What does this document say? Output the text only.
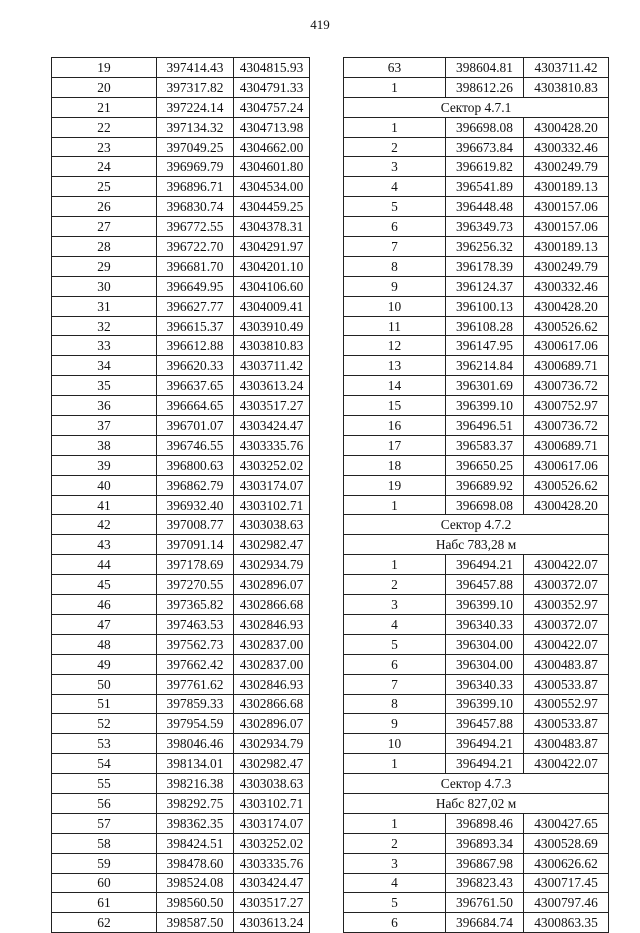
419
19	397414.43	4304815.93
20	397317.82	4304791.33
21	397224.14	4304757.24
22	397134.32	4304713.98
23	397049.25	4304662.00
24	396969.79	4304601.80
25	396896.71	4304534.00
26	396830.74	4304459.25
27	396772.55	4304378.31
28	396722.70	4304291.97
29	396681.70	4304201.10
30	396649.95	4304106.60
31	396627.77	4304009.41
32	396615.37	4303910.49
33	396612.88	4303810.83
34	396620.33	4303711.42
35	396637.65	4303613.24
36	396664.65	4303517.27
37	396701.07	4303424.47
38	396746.55	4303335.76
39	396800.63	4303252.02
40	396862.79	4303174.07
41	396932.40	4303102.71
42	397008.77	4303038.63
43	397091.14	4302982.47
44	397178.69	4302934.79
45	397270.55	4302896.07
46	397365.82	4302866.68
47	397463.53	4302846.93
48	397562.73	4302837.00
49	397662.42	4302837.00
50	397761.62	4302846.93
51	397859.33	4302866.68
52	397954.59	4302896.07
53	398046.46	4302934.79
54	398134.01	4302982.47
55	398216.38	4303038.63
56	398292.75	4303102.71
57	398362.35	4303174.07
58	398424.51	4303252.02
59	398478.60	4303335.76
60	398524.08	4303424.47
61	398560.50	4303517.27
62	398587.50	4303613.24
63	398604.81	4303711.42
1	398612.26	4303810.83
Сектор 4.7.1		
1	396698.08	4300428.20
2	396673.84	4300332.46
3	396619.82	4300249.79
4	396541.89	4300189.13
5	396448.48	4300157.06
6	396349.73	4300157.06
7	396256.32	4300189.13
8	396178.39	4300249.79
9	396124.37	4300332.46
10	396100.13	4300428.20
11	396108.28	4300526.62
12	396147.95	4300617.06
13	396214.84	4300689.71
14	396301.69	4300736.72
15	396399.10	4300752.97
16	396496.51	4300736.72
17	396583.37	4300689.71
18	396650.25	4300617.06
19	396689.92	4300526.62
1	396698.08	4300428.20
Сектор 4.7.2		
Набс 783,28 м		
1	396494.21	4300422.07
2	396457.88	4300372.07
3	396399.10	4300352.97
4	396340.33	4300372.07
5	396304.00	4300422.07
6	396304.00	4300483.87
7	396340.33	4300533.87
8	396399.10	4300552.97
9	396457.88	4300533.87
10	396494.21	4300483.87
1	396494.21	4300422.07
Сектор 4.7.3		
Набс 827,02 м		
1	396898.46	4300427.65
2	396893.34	4300528.69
3	396867.98	4300626.62
4	396823.43	4300717.45
5	396761.50	4300797.46
6	396684.74	4300863.35
